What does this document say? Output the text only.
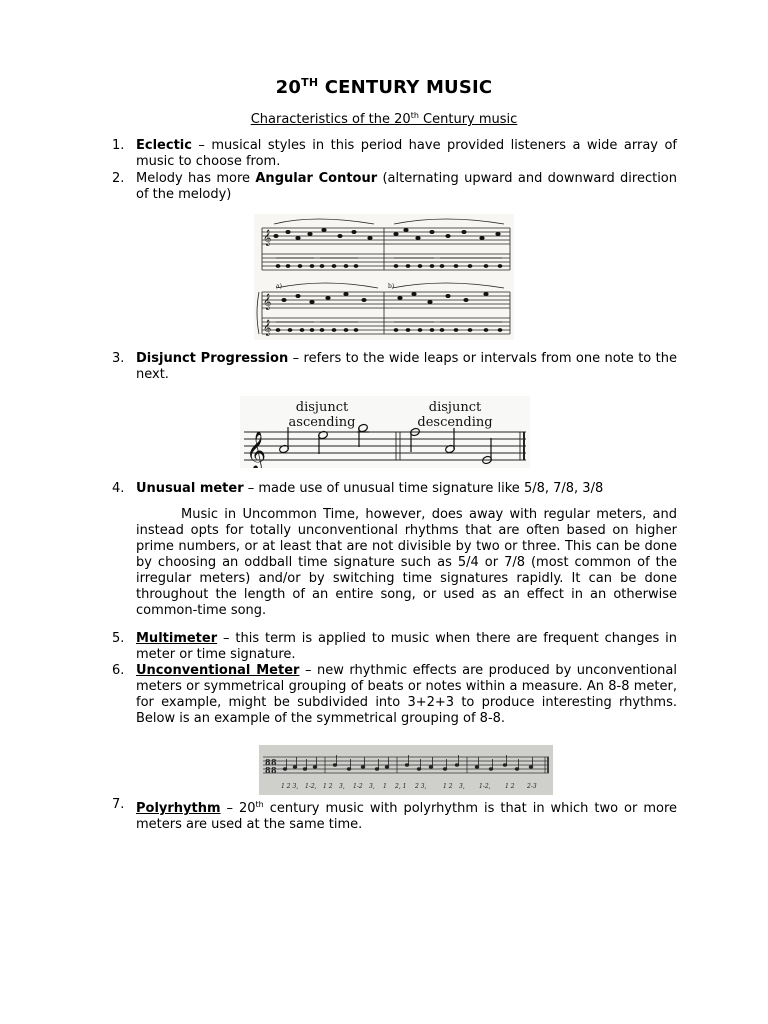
20TH CENTURY MUSIC
Characteristics of the 20th Century music
1. Eclectic – musical styles in this period have provided listeners a wide array of music to choose from.
2. Melody has more Angular Contour (alternating upward and downward direction of the melody)
𝄞
𝄞
𝄞
a)	b)
3. Disjunct Progression – refers to the wide leaps or intervals from one note to the next.
disjunct
ascending
disjunct
descending
𝄞
4. Unusual meter – made use of unusual time signature like 5/8, 7/8, 3/8
Music in Uncommon Time, however, does away with regular meters, and instead opts for totally unconventional rhythms that are often based on higher prime numbers, or at least that are not divisible by two or three. This can be done by choosing an oddball time signature such as 5/4 or 7/8 (most common of the irregular meters) and/or by switching time signatures rapidly. It can be done throughout the length of an entire song, or used as an effect in an otherwise common-time song.
5. Multimeter – this term is applied to music when there are frequent changes in meter or time signature.
6. Unconventional Meter – new rhythmic effects are produced by unconventional meters or symmetrical grouping of beats or notes within a measure. An 8-8 meter, for example, might be subdivided into 3+2+3 to produce interesting rhythms. Below is an example of the symmetrical grouping of 8-8.
8
8
8
8
1 2 3, 1-2, 1 2 3, 1-2 3, 1 2, 1 2 3,	1 2 3, 1-2, 1 2 2-3
7. Polyrhythm – 20th century music with polyrhythm is that in which two or more meters are used at the same time.
